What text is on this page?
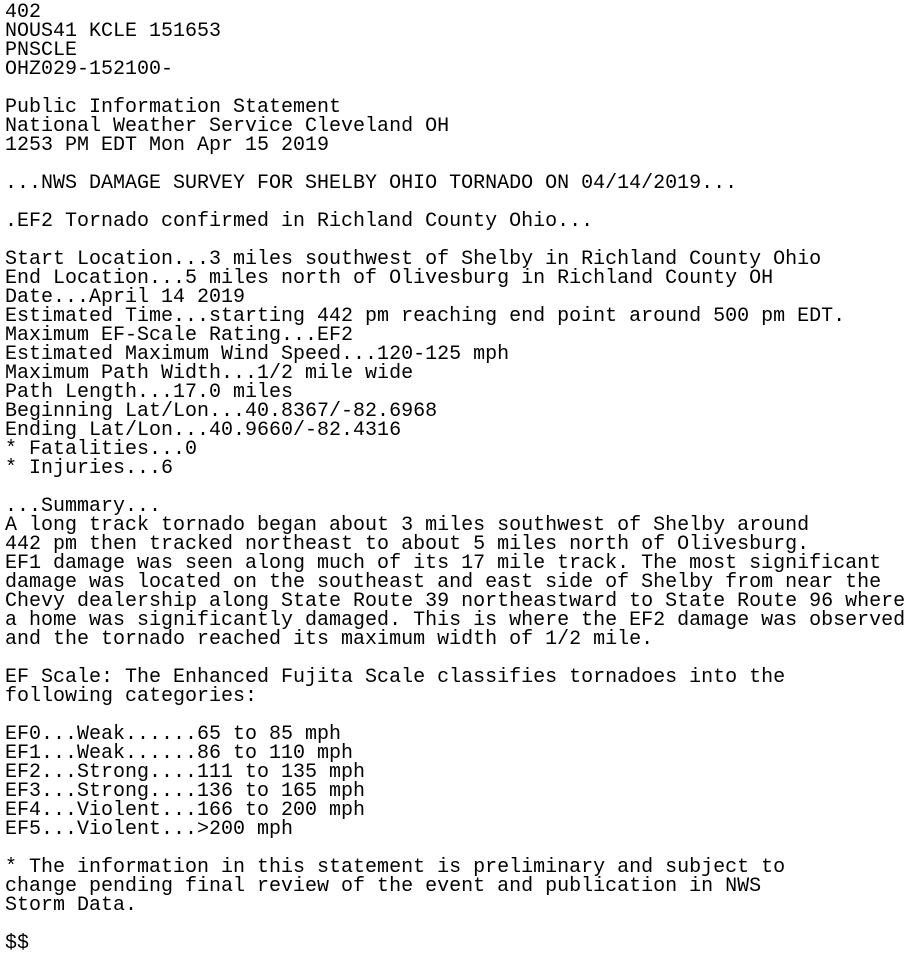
402
NOUS41 KCLE 151653
PNSCLE
OHZ029-152100-
Public Information Statement
National Weather Service Cleveland OH
1253 PM EDT Mon Apr 15 2019
...NWS DAMAGE SURVEY FOR SHELBY OHIO TORNADO ON 04/14/2019...
.EF2 Tornado confirmed in Richland County Ohio...
Start Location...3 miles southwest of Shelby in Richland County Ohio
End Location...5 miles north of Olivesburg in Richland County OH
Date...April 14 2019
Estimated Time...starting 442 pm reaching end point around 500 pm EDT.
Maximum EF-Scale Rating...EF2
Estimated Maximum Wind Speed...120-125 mph
Maximum Path Width...1/2 mile wide
Path Length...17.0 miles
Beginning Lat/Lon...40.8367/-82.6968
Ending Lat/Lon...40.9660/-82.4316
* Fatalities...0
* Injuries...6
...Summary...
A long track tornado began about 3 miles southwest of Shelby around
442 pm then tracked northeast to about 5 miles north of Olivesburg.
EF1 damage was seen along much of its 17 mile track. The most significant
damage was located on the southeast and east side of Shelby from near the
Chevy dealership along State Route 39 northeastward to State Route 96 where
a home was significantly damaged. This is where the EF2 damage was observed
and the tornado reached its maximum width of 1/2 mile.
EF Scale: The Enhanced Fujita Scale classifies tornadoes into the
following categories:
EF0...Weak......65 to 85 mph
EF1...Weak......86 to 110 mph
EF2...Strong....111 to 135 mph
EF3...Strong....136 to 165 mph
EF4...Violent...166 to 200 mph
EF5...Violent...>200 mph
* The information in this statement is preliminary and subject to
change pending final review of the event and publication in NWS
Storm Data.
$$
